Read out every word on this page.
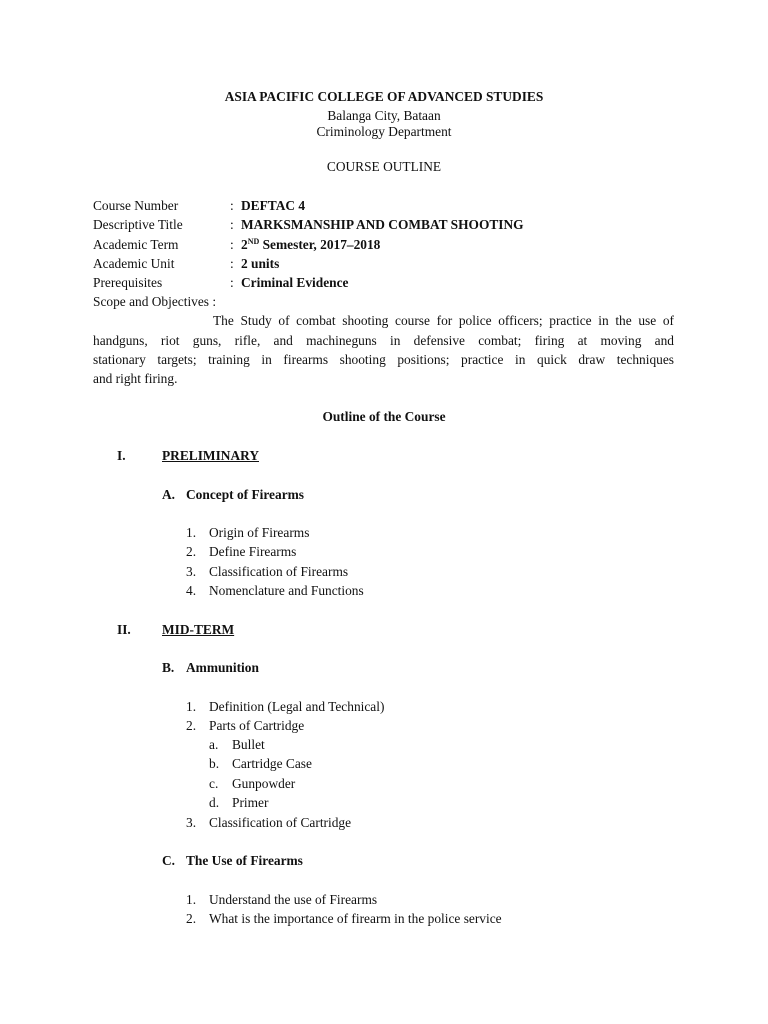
ASIA PACIFIC COLLEGE OF ADVANCED STUDIES
Balanga City, Bataan
Criminology Department
COURSE OUTLINE
Course Number	: DEFTAC 4
Descriptive Title	: MARKSMANSHIP AND COMBAT SHOOTING
Academic Term	: 2ND Semester, 2017–2018
Academic Unit	: 2 units
Prerequisites	: Criminal Evidence
Scope and Objectives :
The Study of combat shooting course for police officers; practice in the use of
handguns, riot guns, rifle, and machineguns in defensive combat; firing at moving and
stationary targets; training in firearms shooting positions; practice in quick draw techniques
and right firing.
Outline of the Course
I.	PRELIMINARY
A. Concept of Firearms
1. Origin of Firearms
2. Define Firearms
3. Classification of Firearms
4. Nomenclature and Functions
II. MID-TERM
B. Ammunition
1. Definition (Legal and Technical)
2. Parts of Cartridge
a. Bullet
b. Cartridge Case
c. Gunpowder
d. Primer
3. Classification of Cartridge
C. The Use of Firearms
1. Understand the use of Firearms
2. What is the importance of firearm in the police service
